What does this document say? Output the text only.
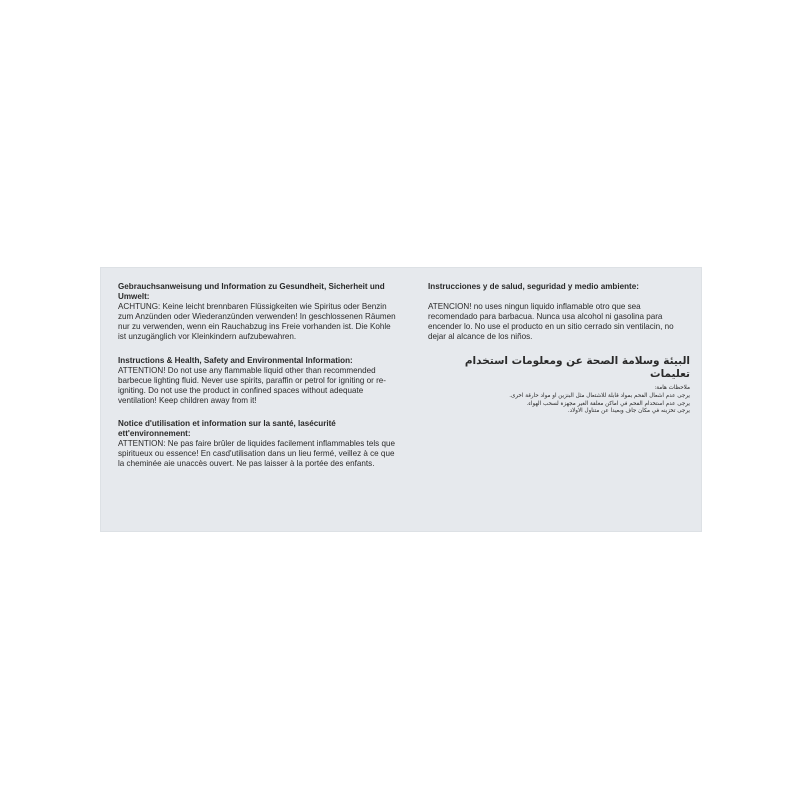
Gebrauchsanweisung und Information zu Gesundheit, Sicherheit und Umwelt:
ACHTUNG: Keine leicht brennbaren Flüssigkeiten wie Spiritus oder Benzin zum Anzünden oder Wiederanzünden verwenden! In geschlossenen Räumen nur zu verwenden, wenn ein Rauchabzug ins Freie vorhanden ist. Die Kohle ist unzugänglich vor Kleinkindern aufzubewahren.
Instructions & Health, Safety and Environmental Information:
ATTENTION! Do not use any flammable liquid other than recommended barbecue lighting fluid. Never use spirits, paraffin or petrol for igniting or re-igniting. Do not use the product in confined spaces without adequate ventilation! Keep children away from it!
Notice d'utilisation et information sur la santé, lasécurité ett'environnement:
ATTENTION: Ne pas faire brûler de liquides facilement inflammables tels que spiritueux ou essence! En casd'utilisation dans un lieu fermé, veillez à ce que la cheminée aie unaccès ouvert. Ne pas laisser à la portée des enfants.
Instrucciones y de salud, seguridad y medio ambiente:
ATENCION! no uses ningun liquido inflamable otro que sea recomendado para barbacua. Nunca usa alcohol ni gasolina para encender lo. No use el producto en un sitio cerrado sin ventilacin, no dejar al alcance de los niños.
البيئة وسلامة الصحة عن ومعلومات استخدام تعليمات
ملاحظات هامة:
يرجى عدم اشعال الفحم بمواد قابلة للاشتعال مثل البنزين او مواد حارقة اخرى.
يرجى عدم استخدام الفحم في اماكن مغلقة الغير مجهزة لسحب الهواء.
يرجى تخزينه في مكان جاف وبعيدا عن متناول الاولاد.
